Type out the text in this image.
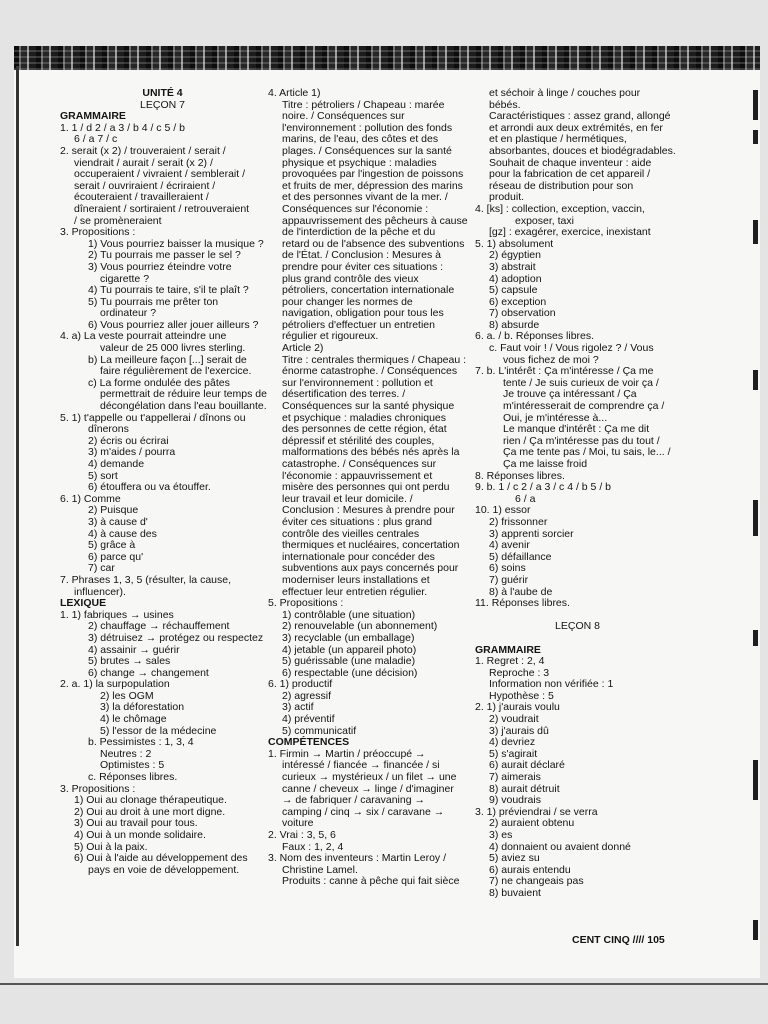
UNITÉ 4
LEÇON 7
GRAMMAIRE
1. 1 / d 2 / a 3 / b 4 / c 5 / b
6 / a 7 / c
2. serait (x 2) / trouveraient / serait /
viendrait / aurait / serait (x 2) /
occuperaient / vivraient / semblerait /
serait / ouvriraient / écriraient /
écouteraient / travailleraient /
dîneraient / sortiraient / retrouveraient
/ se promèneraient
3. Propositions :
1) Vous pourriez baisser la musique ?
2) Tu pourrais me passer le sel ?
3) Vous pourriez éteindre votre
cigarette ?
4) Tu pourrais te taire, s'il te plaît ?
5) Tu pourrais me prêter ton
ordinateur ?
6) Vous pourriez aller jouer ailleurs ?
4. a) La veste pourrait atteindre une
valeur de 25 000 livres sterling.
b) La meilleure façon [...] serait de
faire régulièrement de l'exercice.
c) La forme ondulée des pâtes
permettrait de réduire leur temps de
décongélation dans l'eau bouillante.
5. 1) t'appelle ou t'appellerai / dînons ou
dînerons
2) écris ou écrirai
3) m'aides / pourra
4) demande
5) sort
6) étouffera ou va étouffer.
6. 1) Comme
2) Puisque
3) à cause d'
4) à cause des
5) grâce à
6) parce qu'
7) car
7. Phrases 1, 3, 5 (résulter, la cause,
influencer).
LEXIQUE
1. 1) fabriques → usines
2) chauffage → réchauffement
3) détruisez → protégez ou respectez
4) assainir → guérir
5) brutes → sales
6) change → changement
2. a. 1) la surpopulation
2) les OGM
3) la déforestation
4) le chômage
5) l'essor de la médecine
b. Pessimistes : 1, 3, 4
Neutres : 2
Optimistes : 5
c. Réponses libres.
3. Propositions :
1) Oui au clonage thérapeutique.
2) Oui au droit à une mort digne.
3) Oui au travail pour tous.
4) Oui à un monde solidaire.
5) Oui à la paix.
6) Oui à l'aide au développement des
pays en voie de développement.
4. Article 1)
Titre : pétroliers / Chapeau : marée
noire. / Conséquences sur
l'environnement : pollution des fonds
marins, de l'eau, des côtes et des
plages. / Conséquences sur la santé
physique et psychique : maladies
provoquées par l'ingestion de poissons
et fruits de mer, dépression des marins
et des personnes vivant de la mer. /
Conséquences sur l'économie :
appauvrissement des pêcheurs à cause
de l'interdiction de la pêche et du
retard ou de l'absence des subventions
de l'État. / Conclusion : Mesures à
prendre pour éviter ces situations :
plus grand contrôle des vieux
pétroliers, concertation internationale
pour changer les normes de
navigation, obligation pour tous les
pétroliers d'effectuer un entretien
régulier et rigoureux.
Article 2)
Titre : centrales thermiques / Chapeau :
énorme catastrophe. / Conséquences
sur l'environnement : pollution et
désertification des terres. /
Conséquences sur la santé physique
et psychique : maladies chroniques
des personnes de cette région, état
dépressif et stérilité des couples,
malformations des bébés nés après la
catastrophe. / Conséquences sur
l'économie : appauvrissement et
misère des personnes qui ont perdu
leur travail et leur domicile. /
Conclusion : Mesures à prendre pour
éviter ces situations : plus grand
contrôle des vieilles centrales
thermiques et nucléaires, concertation
internationale pour concéder des
subventions aux pays concernés pour
moderniser leurs installations et
effectuer leur entretien régulier.
5. Propositions :
1) contrôlable (une situation)
2) renouvelable (un abonnement)
3) recyclable (un emballage)
4) jetable (un appareil photo)
5) guérissable (une maladie)
6) respectable (une décision)
6. 1) productif
2) agressif
3) actif
4) préventif
5) communicatif
COMPÉTENCES
1. Firmin → Martin / préoccupé →
intéressé / fiancée → financée / si
curieux → mystérieux / un filet → une
canne / cheveux → linge / d'imaginer
→ de fabriquer / caravaning →
camping / cinq → six / caravane →
voiture
2. Vrai : 3, 5, 6
Faux : 1, 2, 4
3. Nom des inventeurs : Martin Leroy /
Christine Lamel.
Produits : canne à pêche qui fait sièce
et séchoir à linge / couches pour
bébés.
Caractéristiques : assez grand, allongé
et arrondi aux deux extrémités, en fer
et en plastique / hermétiques,
absorbantes, douces et biodégradables.
Souhait de chaque inventeur : aide
pour la fabrication de cet appareil /
réseau de distribution pour son
produit.
4. [ks] : collection, exception, vaccin,
exposer, taxi
[gz] : exagérer, exercice, inexistant
5. 1) absolument
2) égyptien
3) abstrait
4) adoption
5) capsule
6) exception
7) observation
8) absurde
6. a. / b. Réponses libres.
c. Faut voir ! / Vous rigolez ? / Vous
vous fichez de moi ?
7. b. L'intérêt : Ça m'intéresse / Ça me
tente / Je suis curieux de voir ça /
Je trouve ça intéressant / Ça
m'intéresserait de comprendre ça /
Oui, je m'intéresse à...
Le manque d'intérêt : Ça me dit
rien / Ça m'intéresse pas du tout /
Ça me tente pas / Moi, tu sais, le... /
Ça me laisse froid
8. Réponses libres.
9. b. 1 / c 2 / a 3 / c 4 / b 5 / b
6 / a
10. 1) essor
2) frissonner
3) apprenti sorcier
4) avenir
5) défaillance
6) soins
7) guérir
8) à l'aube de
11. Réponses libres.
LEÇON 8
GRAMMAIRE
1. Regret : 2, 4
Reproche : 3
Information non vérifiée : 1
Hypothèse : 5
2. 1) j'aurais voulu
2) voudrait
3) j'aurais dû
4) devriez
5) s'agirait
6) aurait déclaré
7) aimerais
8) aurait détruit
9) voudrais
3. 1) préviendrai / se verra
2) auraient obtenu
3) es
4) donnaient ou avaient donné
5) aviez su
6) aurais entendu
7) ne changeais pas
8) buvaient
CENT CINQ //// 105
